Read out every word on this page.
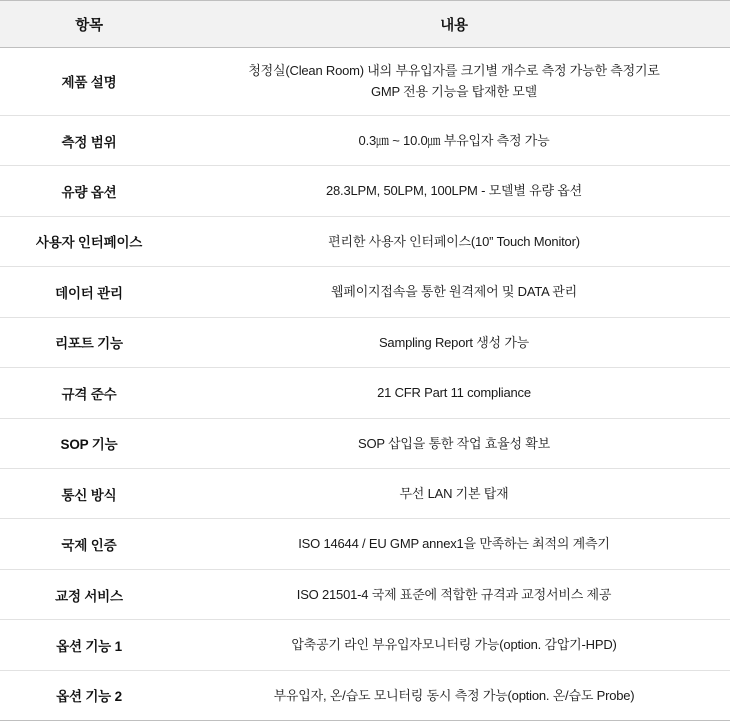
항목	내용
제품 설명	청정실(Clean Room) 내의 부유입자를 크기별 개수로 측정 가능한 측정기로
GMP 전용 기능을 탑재한 모델

측정 범위	0.3㎛ ~ 10.0㎛ 부유입자 측정 가능

유량 옵션	28.3LPM, 50LPM, 100LPM - 모델별 유량 옵션

사용자 인터페이스	편리한 사용자 인터페이스(10” Touch Monitor)

데이터 관리	웹페이지접속을 통한 원격제어 및 DATA 관리

리포트 기능	Sampling Report 생성 가능

규격 준수	21 CFR Part 11 compliance

SOP 기능	SOP 삽입을 통한 작업 효율성 확보

통신 방식	무선 LAN 기본 탑재

국제 인증	ISO 14644 / EU GMP annex1을 만족하는 최적의 계측기

교정 서비스	ISO 21501-4 국제 표준에 적합한 규격과 교정서비스 제공

옵션 기능 1	압축공기 라인 부유입자모니터링 가능(option. 감압기-HPD)

옵션 기능 2	부유입자, 온/습도 모니터링 동시 측정 가능(option. 온/습도 Probe)
